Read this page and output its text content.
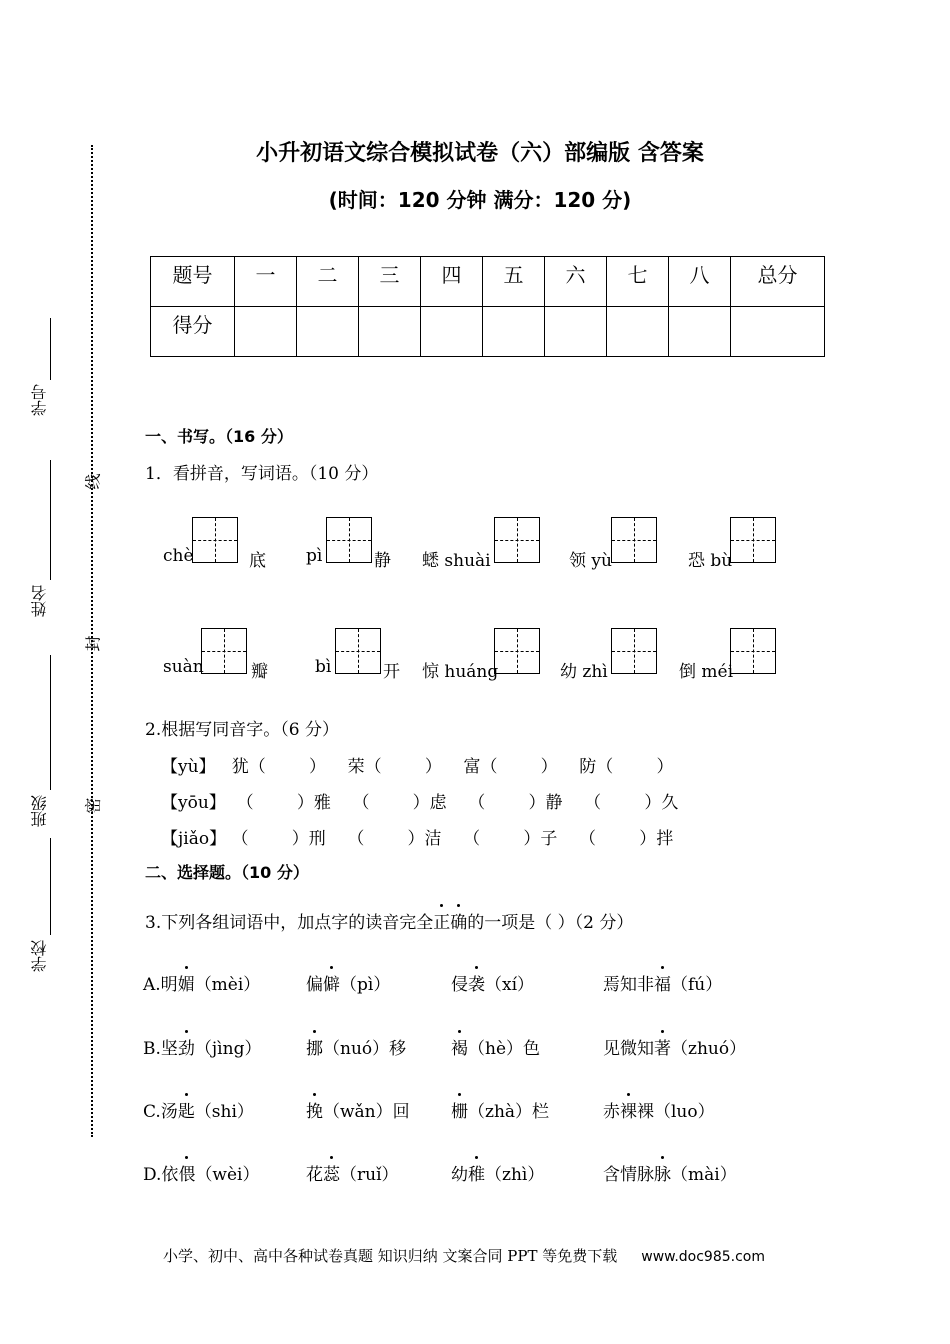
学号
姓名
班级
学校
线
封
密
小升初语文综合模拟试卷（六）部编版 含答案
(时间：120 分钟 满分：120 分)
题号	一	二	三	四	五	六	七	八	总分
得分									
一、书写。（16 分）
1．看拼音，写词语。（10 分）
chè	底 pì	静 蟋 shuài	领 yù	恐 bù
suàn	瓣	bì	开 惊 huáng	幼 zhì	倒 méi
2.根据写同音字。（6 分）
【yù】   犹（        ）    荣（        ）    富（        ）    防（        ）
【yōu】  （        ）雅    （        ）虑    （        ）静    （        ）久
【jiǎo】 （        ）刑    （        ）洁    （        ）子    （        ）拌
二、选择题。（10 分）
3.下列各组词语中，加点字的读音完全正确的一项是（ ）（2 分）
A.明媚（mèi）	偏僻（pì）	侵袭（xí）	焉知非福（fú）
B.坚劲（jìng）	挪（nuó）移	褐（hè）色	见微知著（zhuó）
C.汤匙（shi）	挽（wǎn）回 栅（zhà）栏	赤裸裸（luo）
D.依偎（wèi）	花蕊（ruǐ）	幼稚（zhì）	含情脉脉（mài）
小学、初中、高中各种试卷真题 知识归纳 文案合同 PPT 等免费下载 www.doc985.com
